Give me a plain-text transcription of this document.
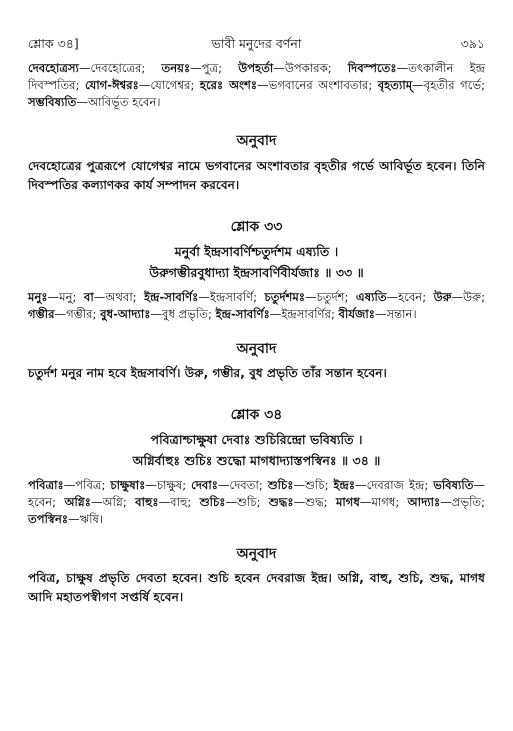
শ্লোক ৩৪]	ভাবী মনুদের বর্ণনা	৩৯১

দেবহোত্রস্য—দেবহোত্রের; তনয়ঃ—পুত্র; উপহর্তা—উপকারক; দিবস্পতেঃ—তৎকালীন ইন্দ্র দিবস্পতির; যোগ-ঈশ্বরঃ—যোগেশ্বর; হরেঃ অংশঃ—ভগবানের অংশাবতার; বৃহত্যাম্—বৃহতীর গর্ভে; সম্ভবিষ্যতি—আবির্ভূত হবেন।

অনুবাদ

দেবহোত্রের পুত্ররূপে যোগেশ্বর নামে ভগবানের অংশাবতার বৃহতীর গর্ভে আবির্ভূত হবেন। তিনি দিবস্পতির কল্যাণকর কার্য সম্পাদন করবেন।

শ্লোক ৩৩

মনুর্বা ইন্দ্রসাবর্ণিশ্চতুর্দশম এষ্যতি ।

উরুগম্ভীরবুধাদ্যা ইন্দ্রসাবর্ণিবীর্যজাঃ ॥ ৩৩ ॥

মনুঃ—মনু; বা—অথবা; ইন্দ্র-সাবর্ণিঃ—ইন্দ্রসাবর্ণি; চতুর্দশমঃ—চতুর্দশ; এষ্যতি—হবেন; উরু—উরু; গম্ভীর—গম্ভীর; বুধ-আদ্যাঃ—বুধ প্রভৃতি; ইন্দ্র-সাবর্ণিঃ—ইন্দ্রসাবর্ণির; বীর্যজাঃ—সন্তান।

অনুবাদ

চতুর্দশ মনুর নাম হবে ইন্দ্রসাবর্ণি। উরু, গম্ভীর, বুধ প্রভৃতি তাঁর সন্তান হবেন।

শ্লোক ৩৪

পবিত্রাশ্চাক্ষুষা দেবাঃ শুচিরিন্দ্রো ভবিষ্যতি ।

অগ্নির্বাহুঃ শুচিঃ শুদ্ধো মাগধাদ্যাস্তপস্বিনঃ ॥ ৩৪ ॥

পবিত্রাঃ—পবিত্র; চাক্ষুষাঃ—চাক্ষুষ; দেবাঃ—দেবতা; শুচিঃ—শুচি; ইন্দ্রঃ—দেবরাজ ইন্দ্র; ভবিষ্যতি—হবেন; অগ্নিঃ—অগ্নি; বাহুঃ—বাহু; শুচিঃ—শুচি; শুদ্ধঃ—শুদ্ধ; মাগধ—মাগধ; আদ্যাঃ—প্রভৃতি; তপস্বিনঃ—ঋষি।

অনুবাদ

পবিত্র, চাক্ষুষ প্রভৃতি দেবতা হবেন। শুচি হবেন দেবরাজ ইন্দ্র। অগ্নি, বাহু, শুচি, শুদ্ধ, মাগধ আদি মহাতপস্বীগণ সপ্তর্ষি হবেন।
